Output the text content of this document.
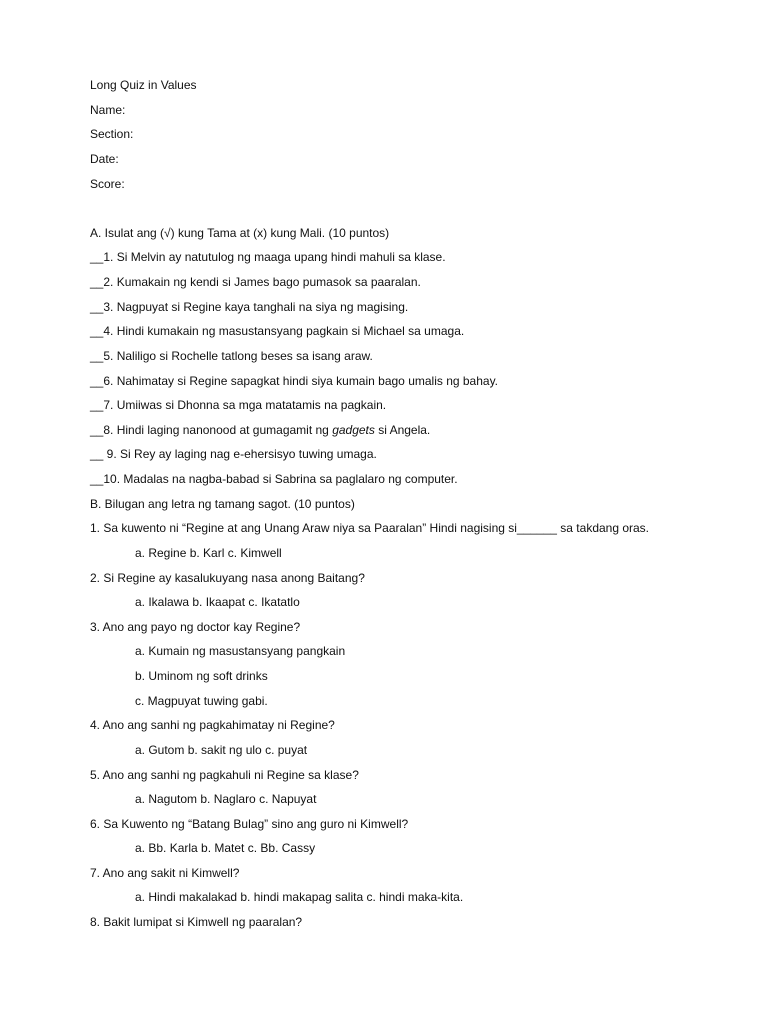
Long Quiz in Values
Name:
Section:
Date:
Score:
A. Isulat ang (√) kung Tama at (x) kung Mali. (10 puntos)
__1. Si Melvin ay natutulog ng maaga upang hindi mahuli sa klase.
__2. Kumakain ng kendi si James bago pumasok sa paaralan.
__3. Nagpuyat si Regine kaya tanghali na siya ng magising.
__4. Hindi kumakain ng masustansyang pagkain si Michael sa umaga.
__5. Naliligo si Rochelle tatlong beses sa isang araw.
__6. Nahimatay si Regine sapagkat hindi siya kumain bago umalis ng bahay.
__7. Umiiwas si Dhonna sa mga matatamis na pagkain.
__8. Hindi laging nanonood at gumagamit ng gadgets si Angela.
__ 9. Si Rey ay laging nag e-ehersisyo tuwing umaga.
__10. Madalas na nagba-babad si Sabrina sa paglalaro ng computer.
B. Bilugan ang letra ng tamang sagot. (10 puntos)
1. Sa kuwento ni “Regine at ang Unang Araw niya sa Paaralan” Hindi nagising si______ sa takdang oras.
a. Regine b. Karl c. Kimwell
2. Si Regine ay kasalukuyang nasa anong Baitang?
a. Ikalawa b. Ikaapat c. Ikatatlo
3. Ano ang payo ng doctor kay Regine?
a. Kumain ng masustansyang pangkain
b. Uminom ng soft drinks
c. Magpuyat tuwing gabi.
4. Ano ang sanhi ng pagkahimatay ni Regine?
a. Gutom b. sakit ng ulo c. puyat
5. Ano ang sanhi ng pagkahuli ni Regine sa klase?
a. Nagutom b. Naglaro c. Napuyat
6. Sa Kuwento ng “Batang Bulag” sino ang guro ni Kimwell?
a. Bb. Karla b. Matet c. Bb. Cassy
7. Ano ang sakit ni Kimwell?
a. Hindi makalakad b. hindi makapag salita c. hindi maka-kita.
8. Bakit lumipat si Kimwell ng paaralan?
